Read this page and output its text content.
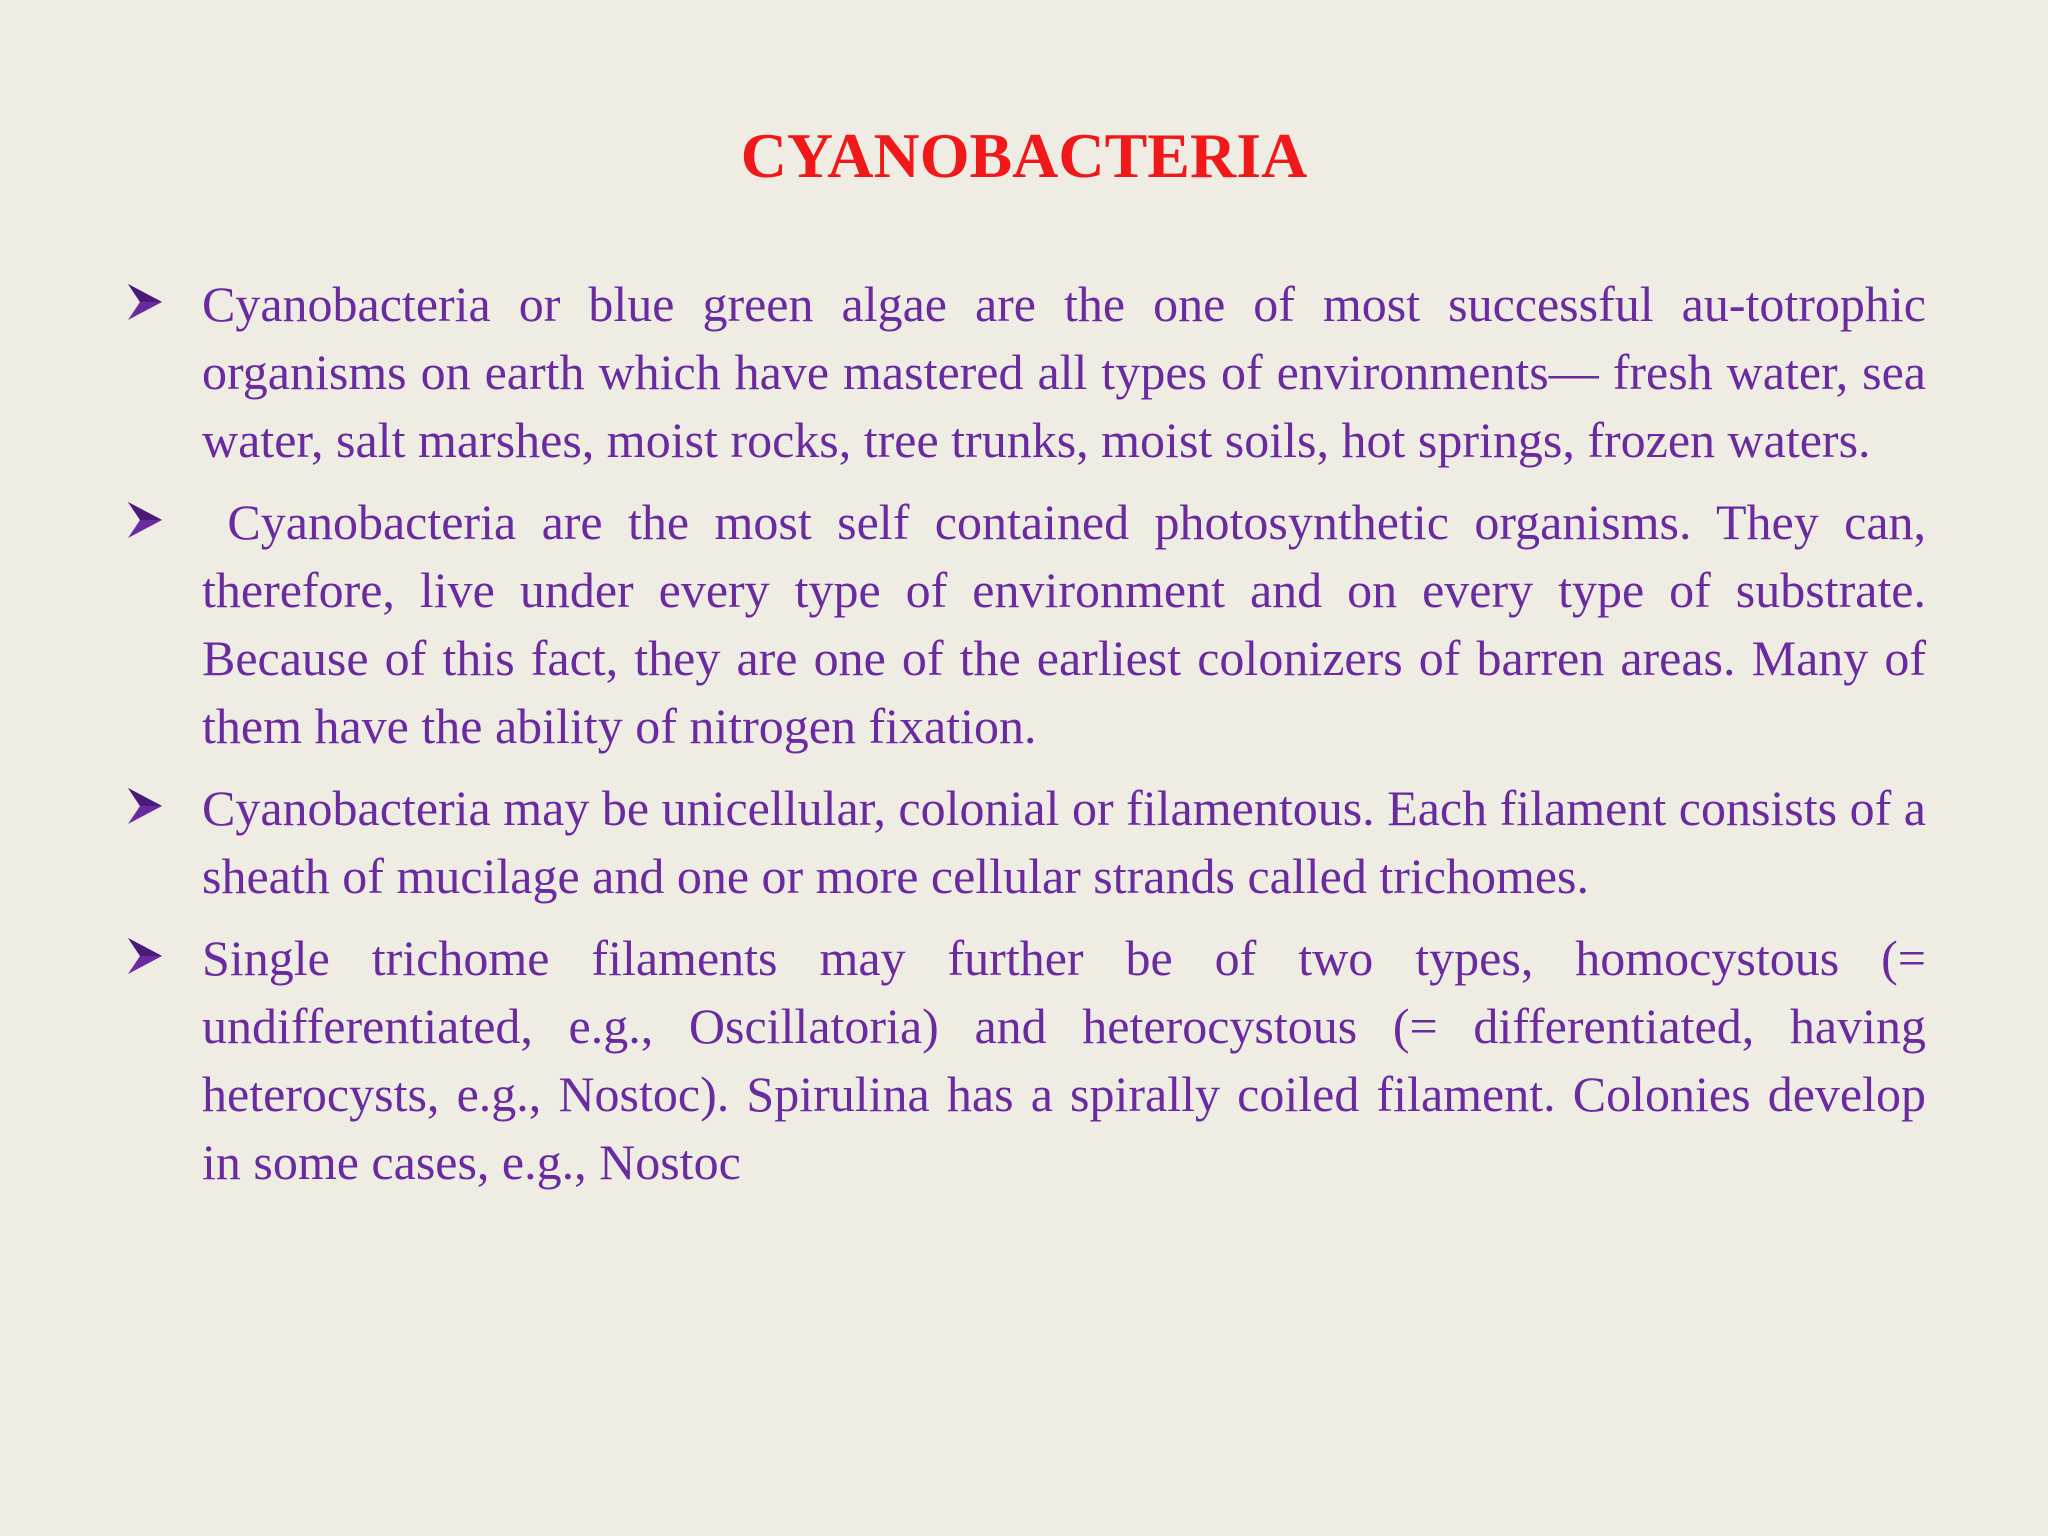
CYANOBACTERIA
Cyanobacteria or blue green algae are the one of most successful au-totrophic organisms on earth which have mastered all types of environments— fresh water, sea water, salt marshes, moist rocks, tree trunks, moist soils, hot springs, frozen waters.
Cyanobacteria are the most self contained photosynthetic organisms. They can, therefore, live under every type of environment and on every type of substrate. Because of this fact, they are one of the earliest colonizers of barren areas. Many of them have the ability of nitrogen fixation.
Cyanobacteria may be unicellular, colonial or filamentous. Each filament consists of a sheath of mucilage and one or more cellular strands called trichomes.
Single trichome filaments may further be of two types, homocystous (= undifferentiated, e.g., Oscillatoria) and heterocystous (= differentiated, having heterocysts, e.g., Nostoc). Spirulina has a spirally coiled filament. Colonies develop in some cases, e.g., Nostoc
